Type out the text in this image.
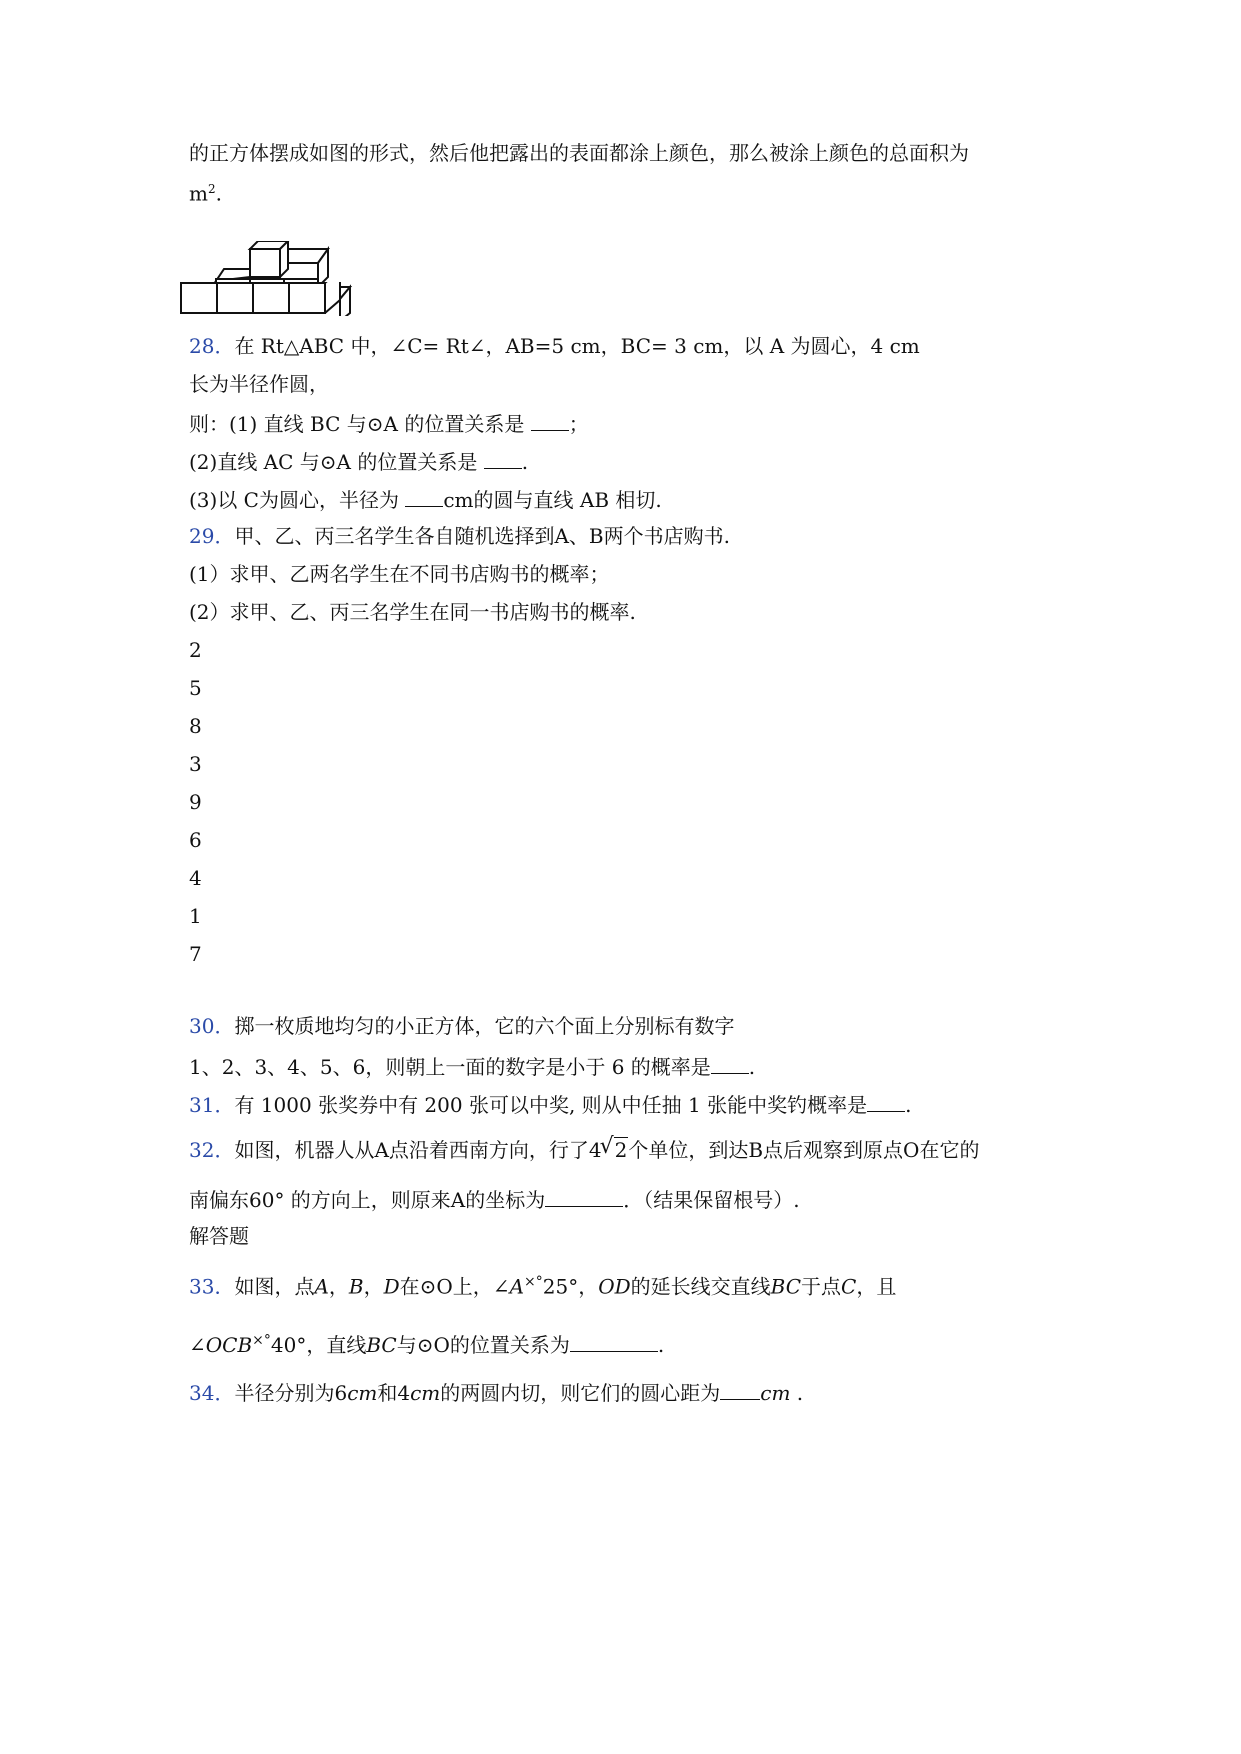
的正方体摆成如图的形式，然后他把露出的表面都涂上颜色，那么被涂上颜色的总面积为
$m^2$.
28．在 Rt△ABC 中，∠C= Rt∠，AB=5 cm，BC= 3 cm，以 A 为圆心，4 cm
长为半径作圆，
则：(1) 直线 BC 与⊙A 的位置关系是 ；
(2)直线 AC 与⊙A 的位置关系是 .
(3)以 C为圆心，半径为 cm的圆与直线 AB 相切.
29．甲、乙、丙三名学生各自随机选择到A、B两个书店购书.
(1）求甲、乙两名学生在不同书店购书的概率；
(2）求甲、乙、丙三名学生在同一书店购书的概率.
2
5
8
3
9
6
4
1
7
30．掷一枚质地均匀的小正方体，它的六个面上分别标有数字
1、2、3、4、5、6，则朝上一面的数字是小于 6 的概率是 .
31．有 1000 张奖券中有 200 张可以中奖, 则从中任抽 1 张能中奖钓概率是 .
32．如图，机器人从A点沿着西南方向，行了4√ 2个单位，到达B点后观察到原点O在它的
南偏东60° 的方向上，则原来A的坐标为	．（结果保留根号）.
解答题
33．如图，点A，B，D在⊙O上，∠A×°25°，OD的延长线交直线BC于点C，且
∠OCB×°40°，直线BC与⊙O的位置关系为	.
34．半径分别为6cm和4cm的两圆内切，则它们的圆心距为 cm .
